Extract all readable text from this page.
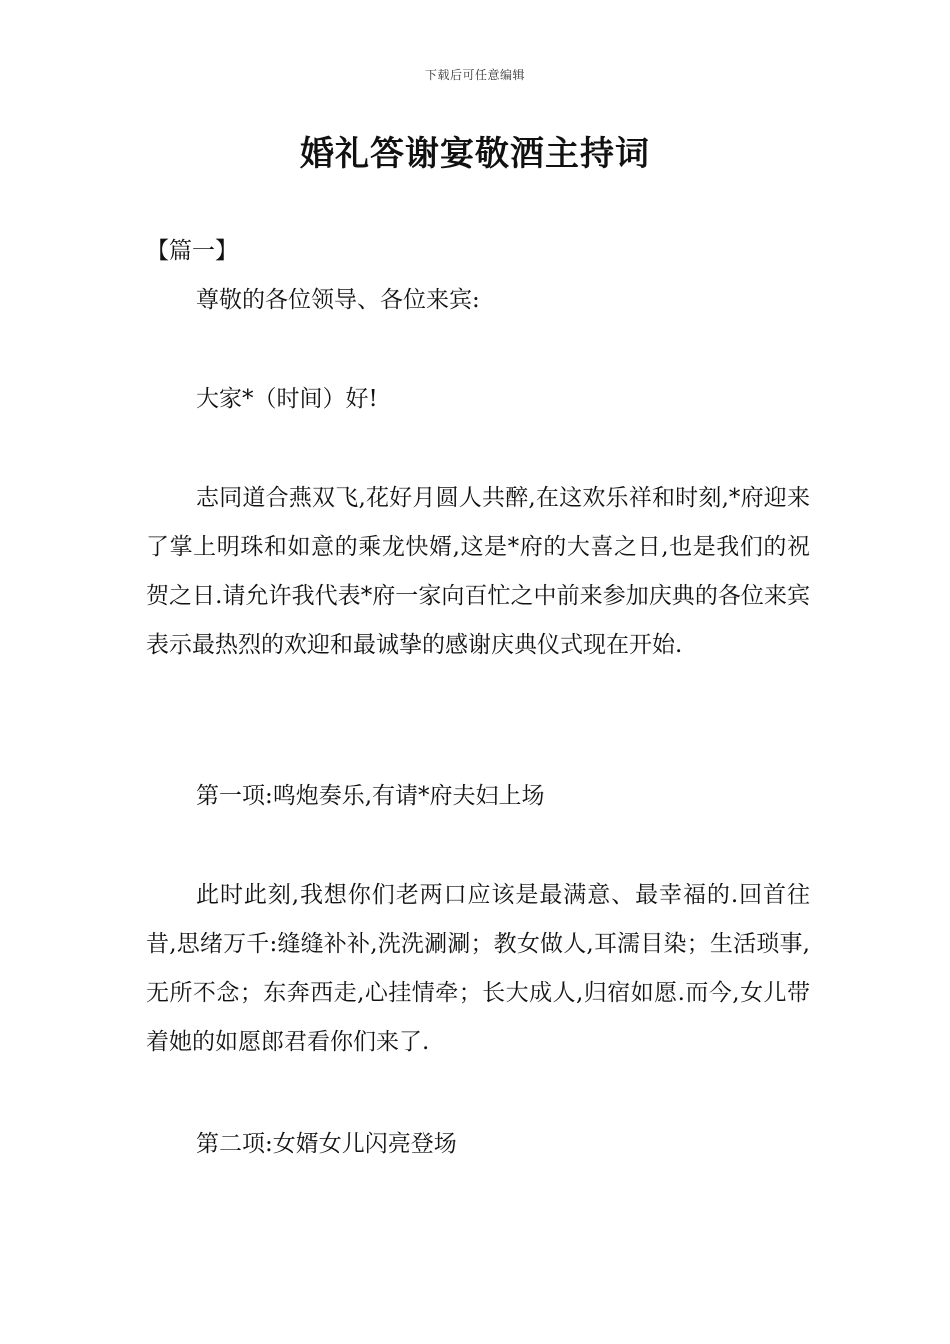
下载后可任意编辑
婚礼答谢宴敬酒主持词
【篇一】

尊敬的各位领导、各位来宾:

大家*（时间）好!

志同道合燕双飞,花好月圆人共醉,在这欢乐祥和时刻,*府迎来了掌上明珠和如意的乘龙快婿,这是*府的大喜之日,也是我们的祝贺之日.请允许我代表*府一家向百忙之中前来参加庆典的各位来宾表示最热烈的欢迎和最诚挚的感谢庆典仪式现在开始.

第一项:鸣炮奏乐,有请*府夫妇上场

此时此刻,我想你们老两口应该是最满意、最幸福的.回首往昔,思绪万千:缝缝补补,洗洗涮涮；教女做人,耳濡目染；生活琐事,无所不念；东奔西走,心挂情牵；长大成人,归宿如愿.而今,女儿带着她的如愿郎君看你们来了.

第二项:女婿女儿闪亮登场
